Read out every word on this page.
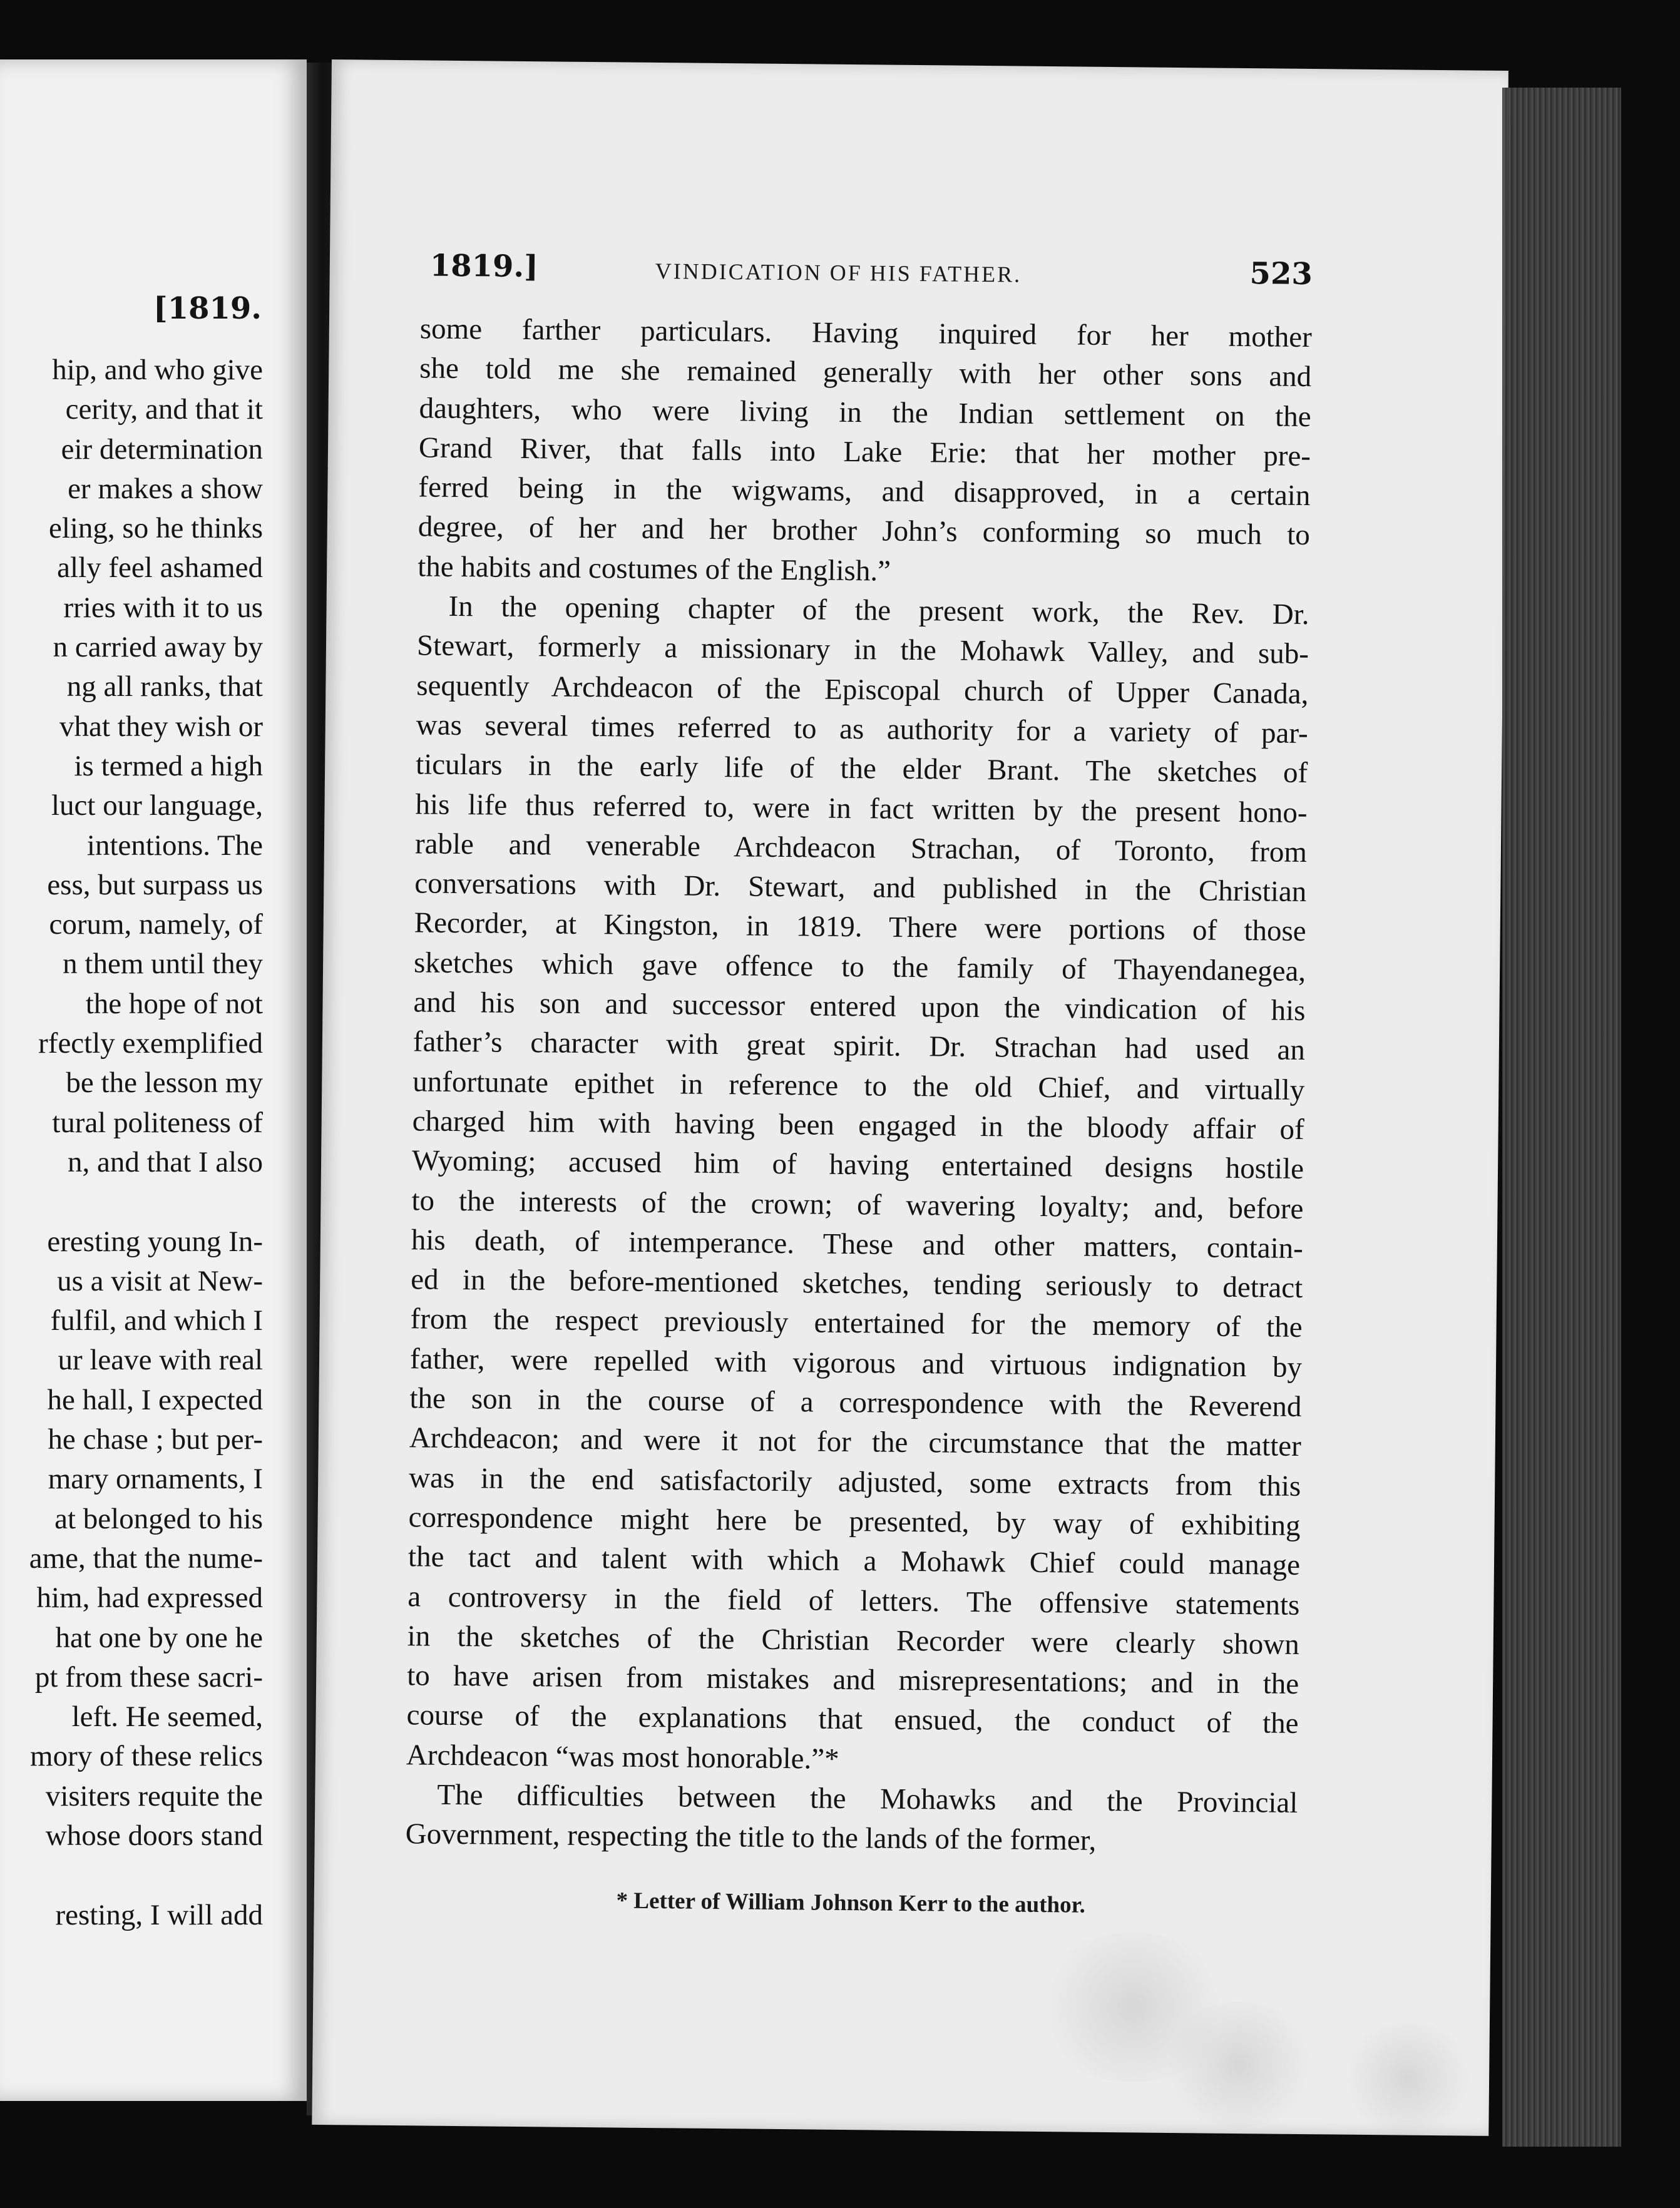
[1819.
hip, and who give
cerity, and that it
eir determination
er makes a show
eling, so he thinks
ally feel ashamed
rries with it to us
n carried away by
ng all ranks, that
vhat they wish or
is termed a high
luct our language,
intentions. The
ess, but surpass us
corum, namely, of
n them until they
the hope of not
rfectly exemplified
be the lesson my
tural politeness of
n, and that I also
eresting young In-
us a visit at New-
fulfil, and which I
ur leave with real
he hall, I expected
he chase ; but per-
mary ornaments, I
at belonged to his
ame, that the nume-
him, had expressed
hat one by one he
pt from these sacri-
left. He seemed,
mory of these relics
visiters requite the
whose doors stand
resting, I will add
1819.]	VINDICATION OF HIS FATHER.	523
some farther particulars. Having inquired for her mother
she told me she remained generally with her other sons and
daughters, who were living in the Indian settlement on the
Grand River, that falls into Lake Erie: that her mother pre-
ferred being in the wigwams, and disapproved, in a certain
degree, of her and her brother John’s conforming so much to
the habits and costumes of the English.”
In the opening chapter of the present work, the Rev. Dr.
Stewart, formerly a missionary in the Mohawk Valley, and sub-
sequently Archdeacon of the Episcopal church of Upper Canada,
was several times referred to as authority for a variety of par-
ticulars in the early life of the elder Brant. The sketches of
his life thus referred to, were in fact written by the present hono-
rable and venerable Archdeacon Strachan, of Toronto, from
conversations with Dr. Stewart, and published in the Christian
Recorder, at Kingston, in 1819. There were portions of those
sketches which gave offence to the family of Thayendanegea,
and his son and successor entered upon the vindication of his
father’s character with great spirit. Dr. Strachan had used an
unfortunate epithet in reference to the old Chief, and virtually
charged him with having been engaged in the bloody affair of
Wyoming; accused him of having entertained designs hostile
to the interests of the crown; of wavering loyalty; and, before
his death, of intemperance. These and other matters, contain-
ed in the before-mentioned sketches, tending seriously to detract
from the respect previously entertained for the memory of the
father, were repelled with vigorous and virtuous indignation by
the son in the course of a correspondence with the Reverend
Archdeacon; and were it not for the circumstance that the matter
was in the end satisfactorily adjusted, some extracts from this
correspondence might here be presented, by way of exhibiting
the tact and talent with which a Mohawk Chief could manage
a controversy in the field of letters. The offensive statements
in the sketches of the Christian Recorder were clearly shown
to have arisen from mistakes and misrepresentations; and in the
course of the explanations that ensued, the conduct of the
Archdeacon “was most honorable.”*
The difficulties between the Mohawks and the Provincial
Government, respecting the title to the lands of the former,
* Letter of William Johnson Kerr to the author.
